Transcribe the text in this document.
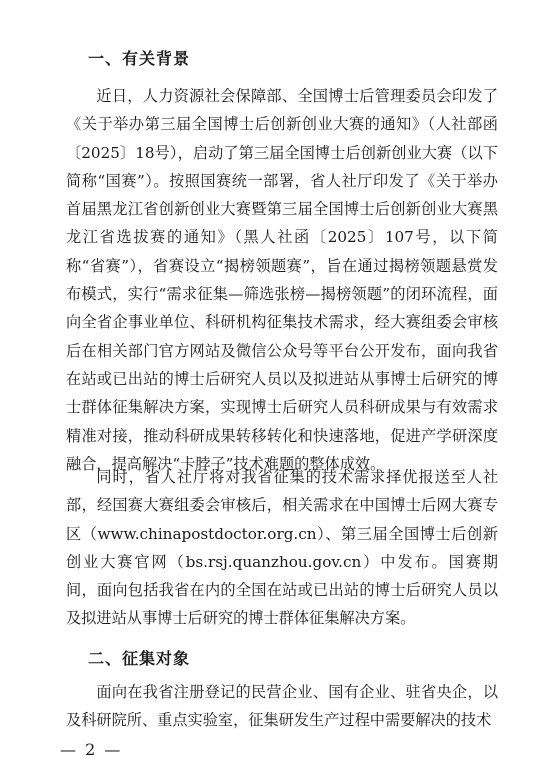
一、有关背景

近日，人力资源社会保障部、全国博士后管理委员会印发了《关于举办第三届全国博士后创新创业大赛的通知》（人社部函〔2025〕18号），启动了第三届全国博士后创新创业大赛（以下简称“国赛”）。按照国赛统一部署，省人社厅印发了《关于举办首届黑龙江省创新创业大赛暨第三届全国博士后创新创业大赛黑龙江省选拔赛的通知》（黑人社函〔2025〕107号，以下简称“省赛”），省赛设立“揭榜领题赛”，旨在通过揭榜领题悬赏发布模式，实行“需求征集—筛选张榜—揭榜领题”的闭环流程，面向全省企事业单位、科研机构征集技术需求，经大赛组委会审核后在相关部门官方网站及微信公众号等平台公开发布，面向我省在站或已出站的博士后研究人员以及拟进站从事博士后研究的博士群体征集解决方案，实现博士后研究人员科研成果与有效需求精准对接，推动科研成果转移转化和快速落地，促进产学研深度融合，提高解决“卡脖子”技术难题的整体成效。

同时，省人社厅将对我省征集的技术需求择优报送至人社部，经国赛大赛组委会审核后，相关需求在中国博士后网大赛专区（www.chinapostdoctor.org.cn）、第三届全国博士后创新创业大赛官网（bs.rsj.quanzhou.gov.cn）中发布。国赛期间，面向包括我省在内的全国在站或已出站的博士后研究人员以及拟进站从事博士后研究的博士群体征集解决方案。

二、征集对象

面向在我省注册登记的民营企业、国有企业、驻省央企，以及科研院所、重点实验室，征集研发生产过程中需要解决的技术

— 2 —
